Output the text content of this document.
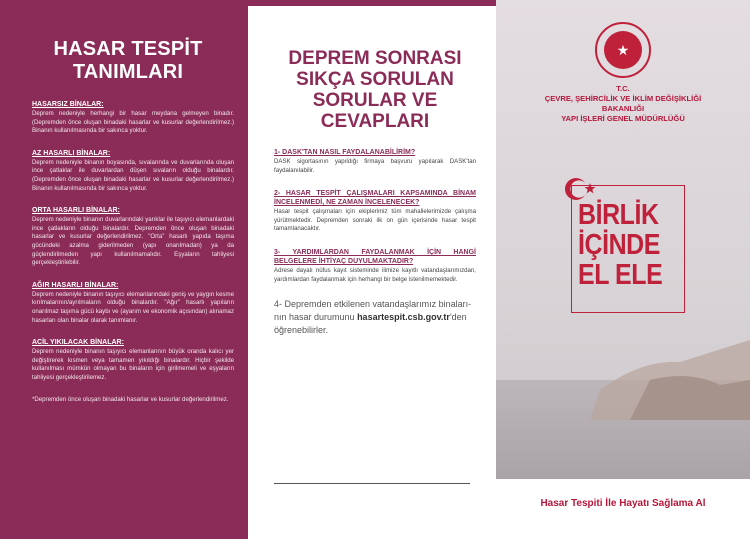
HASAR TESPİT
TANIMLARI
HASARSIZ BİNALAR:
Deprem nedeniyle herhangi bir hasar meydana gelmeyen binadır. (Depremden önce oluşan binadaki hasarlar ve kusurlar değerlendirilmez.) Binanın kullanılmasında bir sakınca yoktur.
AZ HASARLI BİNALAR:
Deprem nedeniyle binanın boyasında, sıvalarında ve duvarlarında oluşan ince çatlaklar ile duvarlardan düşen sıvaların olduğu binalardır. (Depremden önce oluşan binadaki hasarlar ve kusurlar değerlendirilmez.) Binanın kullanılmasında bir sakınca yoktur.
ORTA HASARLI BİNALAR:
Deprem nedeniyle binanın duvarlarındaki yarıklar ile taşıyıcı elemanlardaki ince çatlakların olduğu binalardır. Depremden önce oluşan binadaki hasarlar ve kusurlar değerlendirilmez. "Orta" hasarlı yapıda taşıma gücündeki azalma giderilmeden (yapı onarılmadan) ya da güçlendirilmeden yapı kullanılmamalıdır. Eşyaların tahliyesi gerçekleştirilebilir.
AĞIR HASARLI BİNALAR:
Deprem nedeniyle binanın taşıyıcı elemanlarındaki geniş ve yaygın kesme kırılmalarının/ayrılmaların olduğu binalardır. "Ağır" hasarlı yapıların onarılmaz taşıma gücü kaybı ve (ayarım ve ekonomik açısından) alınamaz hasarları olan binalar olarak tanımlanır.
ACİL YIKILACAK BİNALAR:
Deprem nedeniyle binanın taşıyıcı elemanlarının büyük oranda kalıcı yer değiştirerek kısmen veya tamamen yıkıldığı binalardır. Hiçbir şekilde kullanılması mümkün olmayan bu binaların için girilmemeli ve eşyaların tahliyesi gerçekleştirilemez.
*Depremden önce oluşan binadaki hasarlar ve kusurlar değerlendirilmez.
DEPREM SONRASI
SIKÇA SORULAN
SORULAR VE
CEVAPLARI
1- DASK'TAN NASIL FAYDALANABİLİRİM?
DASK sigortasının yapıldığı firmaya başvuru yapılarak DASK'tan faydalanılabilir.
2- HASAR TESPİT ÇALIŞMALARI KAPSAMINDA BİNAM İNCELENMEDİ, NE ZAMAN İNCELENECEK?
Hasar tespit çalışmaları için ekiplerimiz tüm mahallelerimizde çalışma yürütmektedir. Depremden sonraki ilk on gün içerisinde hasar tespit tamamlanacaktır.
3- YARDIMLARDAN FAYDALANMAK İÇİN HANGİ BELGELERE İHTİYAÇ DUYULMAKTADIR?
Adrese dayalı nüfus kayıt sisteminde ilimize kayıtlı vatandaşlarımızdan, yardımlardan faydalanmak için herhangi bir belge istenilmemektedir.

4- Depremden etkilenen vatandaşlarımız binaları-nın hasar durumunu hasartespit.csb.gov.tr'den öğrenebilirler.

★
T.C.
ÇEVRE, ŞEHİRCİLİK VE İKLİM DEĞİŞİKLİĞİ
BAKANLIĞI
YAPI İŞLERİ GENEL MÜDÜRLÜĞÜ
BİRLİK
İÇİNDE
EL ELE
Hasar Tespiti İle Hayatı Sağlama Al
